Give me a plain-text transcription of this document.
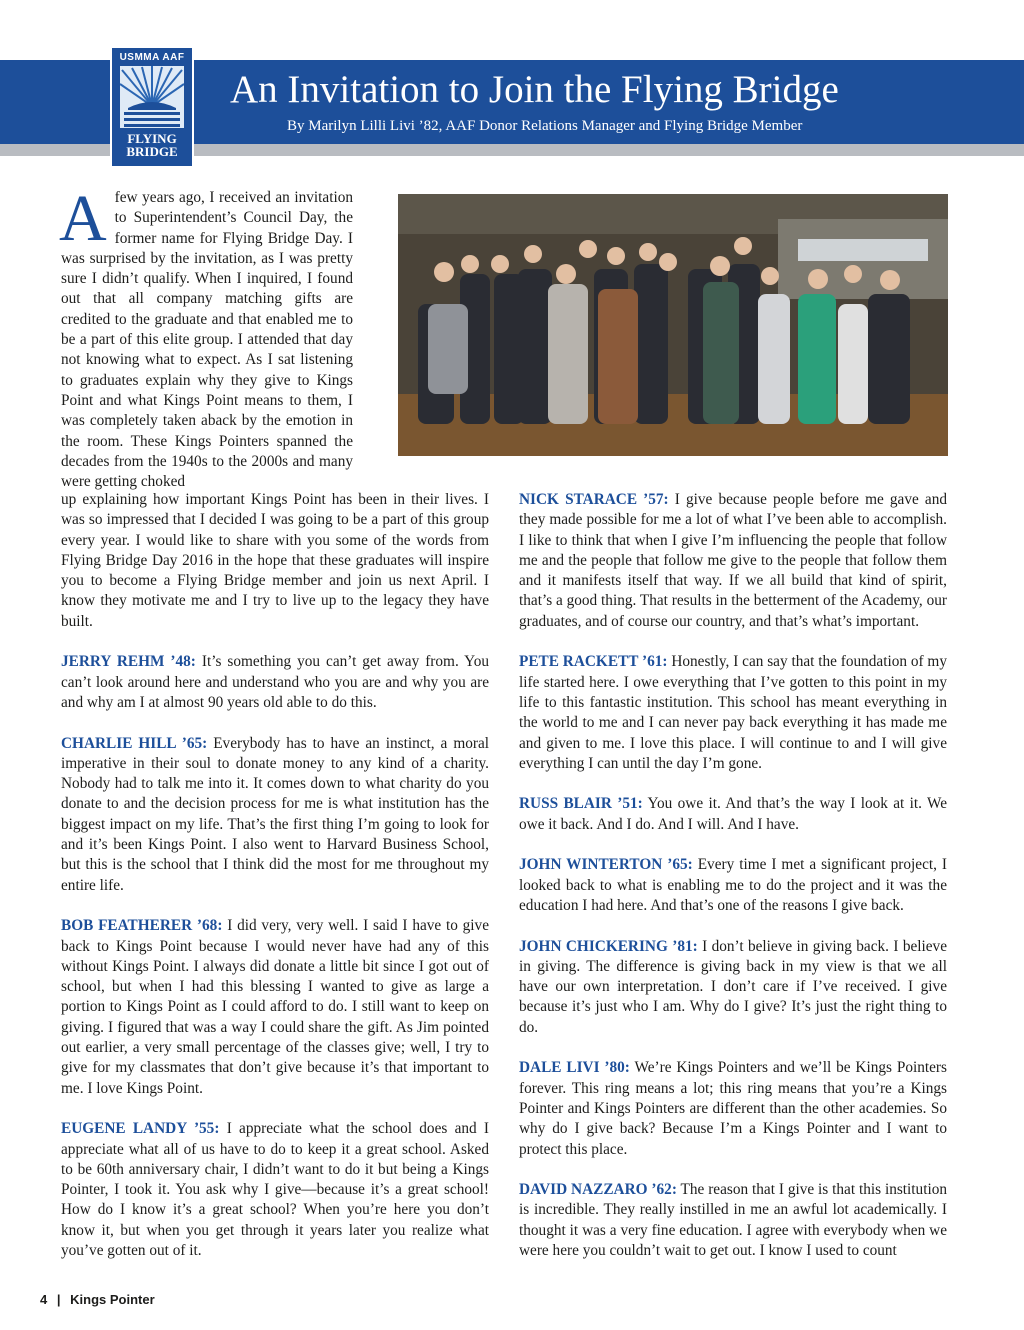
USMMA AAF
FLYING
BRIDGE
An Invitation to Join the Flying Bridge
By Marilyn Lilli Livi ’82, AAF Donor Relations Manager and Flying Bridge Member
Afew years ago, I received an invitation to Superintendent’s Council Day, the former name for Flying Bridge Day. I was surprised by the invitation, as I was pretty sure I didn’t qualify. When I inquired, I found out that all company matching gifts are credited to the graduate and that enabled me to be a part of this elite group. I attended that day not knowing what to expect. As I sat listening to graduates explain why they give to Kings Point and what Kings Point means to them, I was completely taken aback by the emotion in the room. These Kings Pointers spanned the decades from the 1940s to the 2000s and many were getting choked

up explaining how important Kings Point has been in their lives. I was so impressed that I decided I was going to be a part of this group every year. I would like to share with you some of the words from Flying Bridge Day 2016 in the hope that these graduates will inspire you to become a Flying Bridge member and join us next April. I know they motivate me and I try to live up to the legacy they have built.

JERRY REHM ’48: It’s something you can’t get away from. You can’t look around here and understand who you are and why you are and why am I at almost 90 years old able to do this.

CHARLIE HILL ’65: Everybody has to have an instinct, a moral imperative in their soul to donate money to any kind of a charity. Nobody had to talk me into it. It comes down to what charity do you donate to and the decision process for me is what institution has the biggest impact on my life. That’s the first thing I’m going to look for and it’s been Kings Point. I also went to Harvard Business School, but this is the school that I think did the most for me throughout my entire life.

BOB FEATHERER ’68: I did very, very well. I said I have to give back to Kings Point because I would never have had any of this without Kings Point. I always did donate a little bit since I got out of school, but when I had this blessing I wanted to give as large a portion to Kings Point as I could afford to do. I still want to keep on giving. I figured that was a way I could share the gift. As Jim pointed out earlier, a very small percentage of the classes give; well, I try to give for my classmates that don’t give because it’s that important to me. I love Kings Point.

EUGENE LANDY ’55: I appreciate what the school does and I appreciate what all of us have to do to keep it a great school. Asked to be 60th anniversary chair, I didn’t want to do it but being a Kings Pointer, I took it. You ask why I give—because it’s a great school! How do I know it’s a great school? When you’re here you don’t know it, but when you get through it years later you realize what you’ve gotten out of it.

NICK STARACE ’57: I give because people before me gave and they made possible for me a lot of what I’ve been able to accomplish. I like to think that when I give I’m influencing the people that follow me and the people that follow me give to the people that follow them and it manifests itself that way. If we all build that kind of spirit, that’s a good thing. That results in the betterment of the Academy, our graduates, and of course our country, and that’s what’s important.

PETE RACKETT ’61: Honestly, I can say that the foundation of my life started here. I owe everything that I’ve gotten to this point in my life to this fantastic institution. This school has meant everything in the world to me and I can never pay back everything it has made me and given to me. I love this place. I will continue to and I will give everything I can until the day I’m gone.

RUSS BLAIR ’51: You owe it. And that’s the way I look at it. We owe it back. And I do. And I will. And I have.

JOHN WINTERTON ’65: Every time I met a significant project, I looked back to what is enabling me to do the project and it was the education I had here. And that’s one of the reasons I give back.

JOHN CHICKERING ’81: I don’t believe in giving back. I believe in giving. The difference is giving back in my view is that we all have our own interpretation. I don’t care if I’ve received. I give because it’s just who I am. Why do I give? It’s just the right thing to do.

DALE LIVI ’80: We’re Kings Pointers and we’ll be Kings Pointers forever. This ring means a lot; this ring means that you’re a Kings Pointer and Kings Pointers are different than the other academies. So why do I give back? Because I’m a Kings Pointer and I want to protect this place.

DAVID NAZZARO ’62: The reason that I give is that this institution is incredible. They really instilled in me an awful lot academically. I thought it was a very fine education. I agree with everybody when we were here you couldn’t wait to get out. I know I used to count

4 | Kings Pointer
